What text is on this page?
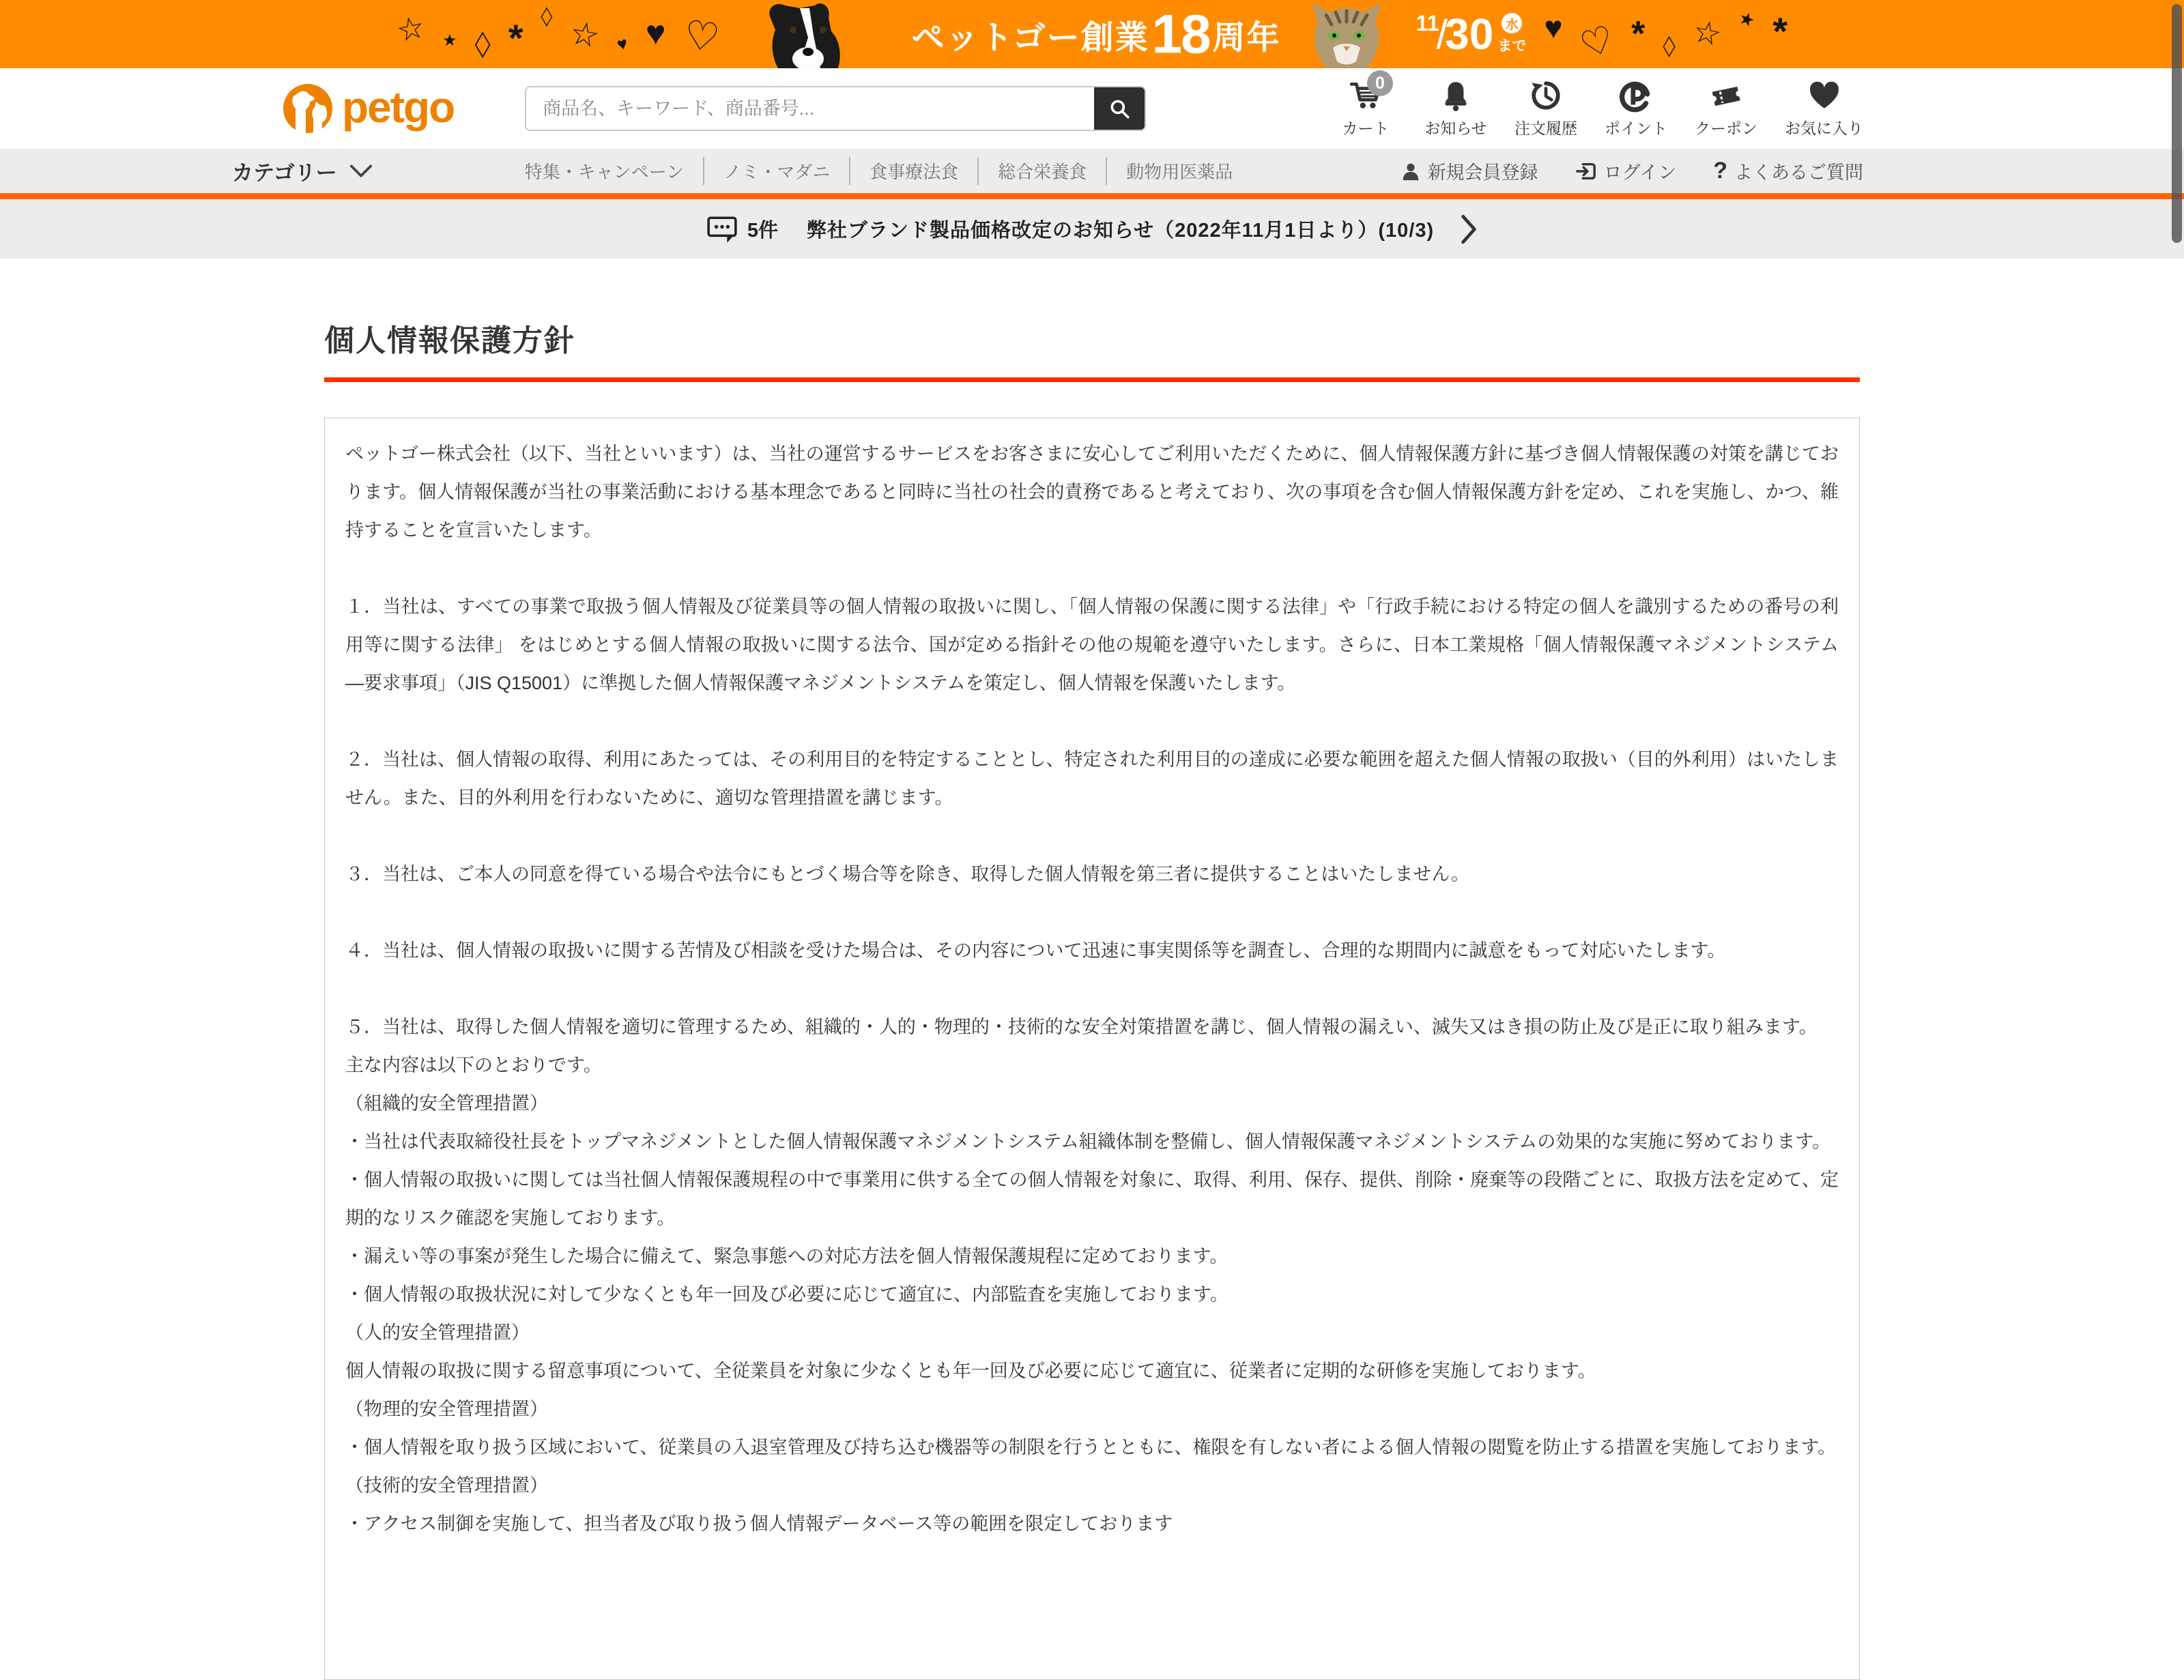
☆ ★ ◇ *
◇ ☆ ♥ ♥ ♡	ペットゴー創業 18 周年	11
/
30 水
まで
♥ ♡ * ◇ ☆ ★ *
petgo
商品名、キーワード、商品番号...	0
カート お知らせ 注文履歴 ポイント クーポン お気に入り
カテゴリー	特集・キャンペーン	ノミ・マダニ	食事療法食	総合栄養食	動物用医薬品	新規会員登録	ログイン ? よくあるご質問
5件 弊社ブランド製品価格改定のお知らせ（2022年11月1日より）(10/3)
個人情報保護方針

ペットゴー株式会社（以下、当社といいます）は、当社の運営するサービスをお客さまに安心してご利用いただくために、個人情報保護方針に基づき個人情報保護の対策を講じております。個人情報保護が当社の事業活動における基本理念であると同時に当社の社会的責務であると考えており、次の事項を含む個人情報保護方針を定め、これを実施し、かつ、維持することを宣言いたします。

１．当社は、すべての事業で取扱う個人情報及び従業員等の個人情報の取扱いに関し、「個人情報の保護に関する法律」や「行政手続における特定の個人を識別するための番号の利用等に関する法律」 をはじめとする個人情報の取扱いに関する法令、国が定める指針その他の規範を遵守いたします。さらに、日本工業規格「個人情報保護マネジメントシステム―要求事項」（JIS Q15001）に準拠した個人情報保護マネジメントシステムを策定し、個人情報を保護いたします。

２．当社は、個人情報の取得、利用にあたっては、その利用目的を特定することとし、特定された利用目的の達成に必要な範囲を超えた個人情報の取扱い（目的外利用）はいたしません。また、目的外利用を行わないために、適切な管理措置を講じます。

３．当社は、ご本人の同意を得ている場合や法令にもとづく場合等を除き、取得した個人情報を第三者に提供することはいたしません。

４．当社は、個人情報の取扱いに関する苦情及び相談を受けた場合は、その内容について迅速に事実関係等を調査し、合理的な期間内に誠意をもって対応いたします。

５．当社は、取得した個人情報を適切に管理するため、組織的・人的・物理的・技術的な安全対策措置を講じ、個人情報の漏えい、滅失又はき損の防止及び是正に取り組みます。

主な内容は以下のとおりです。

（組織的安全管理措置）

・当社は代表取締役社長をトップマネジメントとした個人情報保護マネジメントシステム組織体制を整備し、個人情報保護マネジメントシステムの効果的な実施に努めております。

・個人情報の取扱いに関しては当社個人情報保護規程の中で事業用に供する全ての個人情報を対象に、取得、利用、保存、提供、削除・廃棄等の段階ごとに、取扱方法を定めて、定期的なリスク確認を実施しております。

・漏えい等の事案が発生した場合に備えて、緊急事態への対応方法を個人情報保護規程に定めております。

・個人情報の取扱状況に対して少なくとも年一回及び必要に応じて適宜に、内部監査を実施しております。

（人的安全管理措置）

個人情報の取扱に関する留意事項について、全従業員を対象に少なくとも年一回及び必要に応じて適宜に、従業者に定期的な研修を実施しております。

（物理的安全管理措置）

・個人情報を取り扱う区域において、従業員の入退室管理及び持ち込む機器等の制限を行うとともに、権限を有しない者による個人情報の閲覧を防止する措置を実施しております。

（技術的安全管理措置）

・アクセス制御を実施して、担当者及び取り扱う個人情報データベース等の範囲を限定しております
